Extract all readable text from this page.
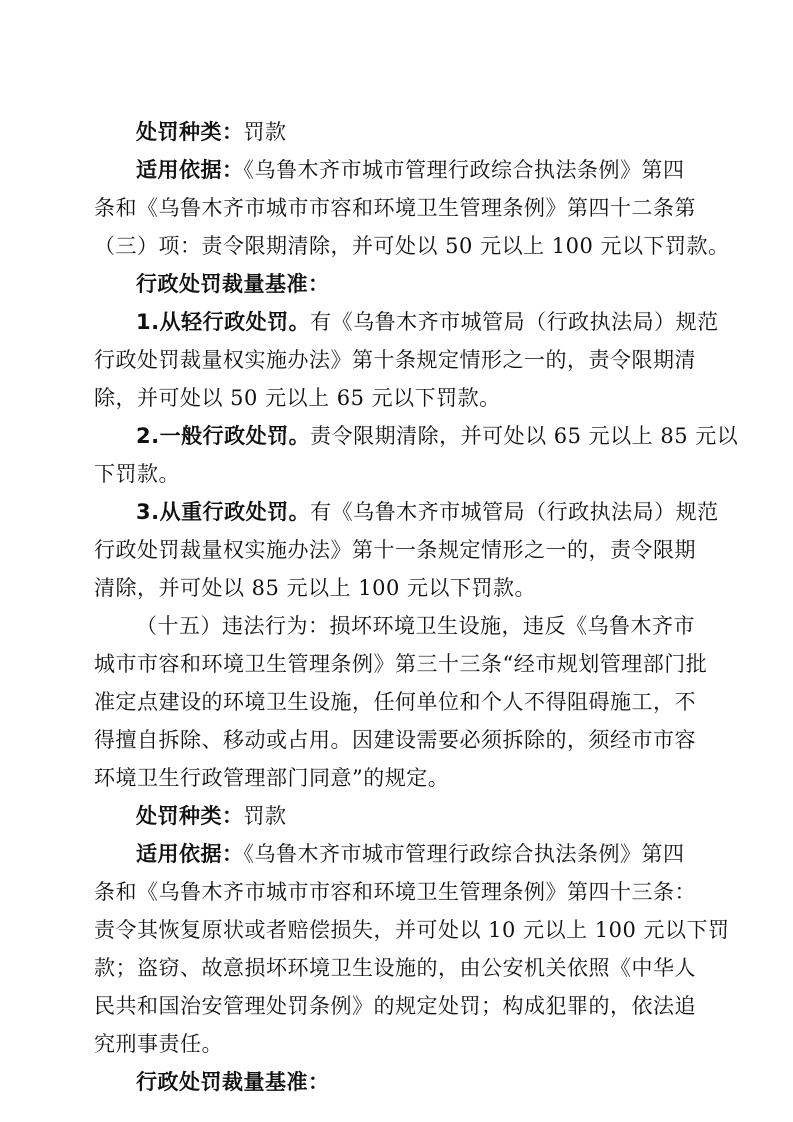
处罚种类：罚款
适用依据：《乌鲁木齐市城市管理行政综合执法条例》第四
条和《乌鲁木齐市城市市容和环境卫生管理条例》第四十二条第
（三）项：责令限期清除，并可处以 50 元以上 100 元以下罚款。
行政处罚裁量基准：
1.从轻行政处罚。有《乌鲁木齐市城管局（行政执法局）规范
行政处罚裁量权实施办法》第十条规定情形之一的，责令限期清
除，并可处以 50 元以上 65 元以下罚款。
2.一般行政处罚。责令限期清除，并可处以 65 元以上 85 元以
下罚款。
3.从重行政处罚。有《乌鲁木齐市城管局（行政执法局）规范
行政处罚裁量权实施办法》第十一条规定情形之一的，责令限期
清除，并可处以 85 元以上 100 元以下罚款。
（十五）违法行为：损坏环境卫生设施，违反《乌鲁木齐市
城市市容和环境卫生管理条例》第三十三条“经市规划管理部门批
准定点建设的环境卫生设施，任何单位和个人不得阻碍施工，不
得擅自拆除、移动或占用。因建设需要必须拆除的，须经市市容
环境卫生行政管理部门同意”的规定。
处罚种类：罚款
适用依据：《乌鲁木齐市城市管理行政综合执法条例》第四
条和《乌鲁木齐市城市市容和环境卫生管理条例》第四十三条：
责令其恢复原状或者赔偿损失，并可处以 10 元以上 100 元以下罚
款；盗窃、故意损坏环境卫生设施的，由公安机关依照《中华人
民共和国治安管理处罚条例》的规定处罚；构成犯罪的，依法追
究刑事责任。
行政处罚裁量基准：
